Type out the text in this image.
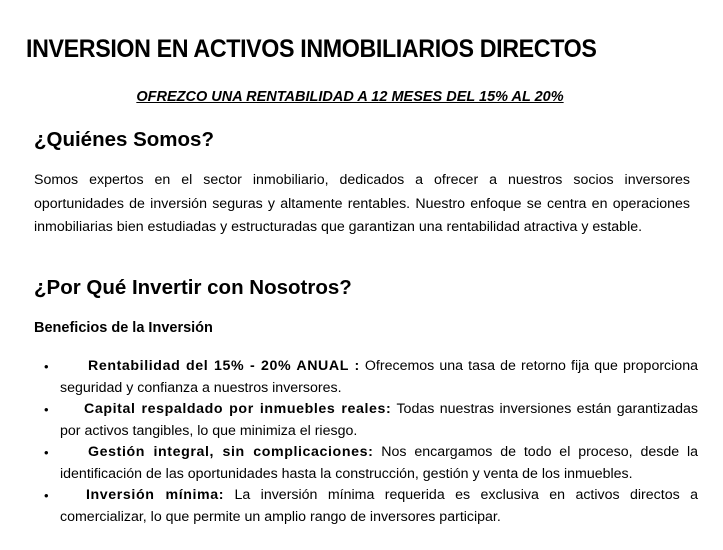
INVERSION EN ACTIVOS INMOBILIARIOS DIRECTOS
OFREZCO UNA RENTABILIDAD A 12 MESES DEL 15% AL 20%
¿Quiénes Somos?

Somos expertos en el sector inmobiliario, dedicados a ofrecer a nuestros socios inversores oportunidades de inversión seguras y altamente rentables. Nuestro enfoque se centra en operaciones inmobiliarias bien estudiadas y estructuradas que garantizan una rentabilidad atractiva y estable.

¿Por Qué Invertir con Nosotros?
Beneficios de la Inversión
•	Rentabilidad del 15% - 20% ANUAL : Ofrecemos una tasa de retorno fija que proporciona seguridad y confianza a nuestros inversores.
• Capital respaldado por inmuebles reales: Todas nuestras inversiones están garantizadas por activos tangibles, lo que minimiza el riesgo.
•	Gestión integral, sin complicaciones: Nos encargamos de todo el proceso, desde la identificación de las oportunidades hasta la construcción, gestión y venta de los inmuebles.
•	Inversión mínima: La inversión mínima requerida es exclusiva en activos directos a comercializar, lo que permite un amplio rango de inversores participar.
